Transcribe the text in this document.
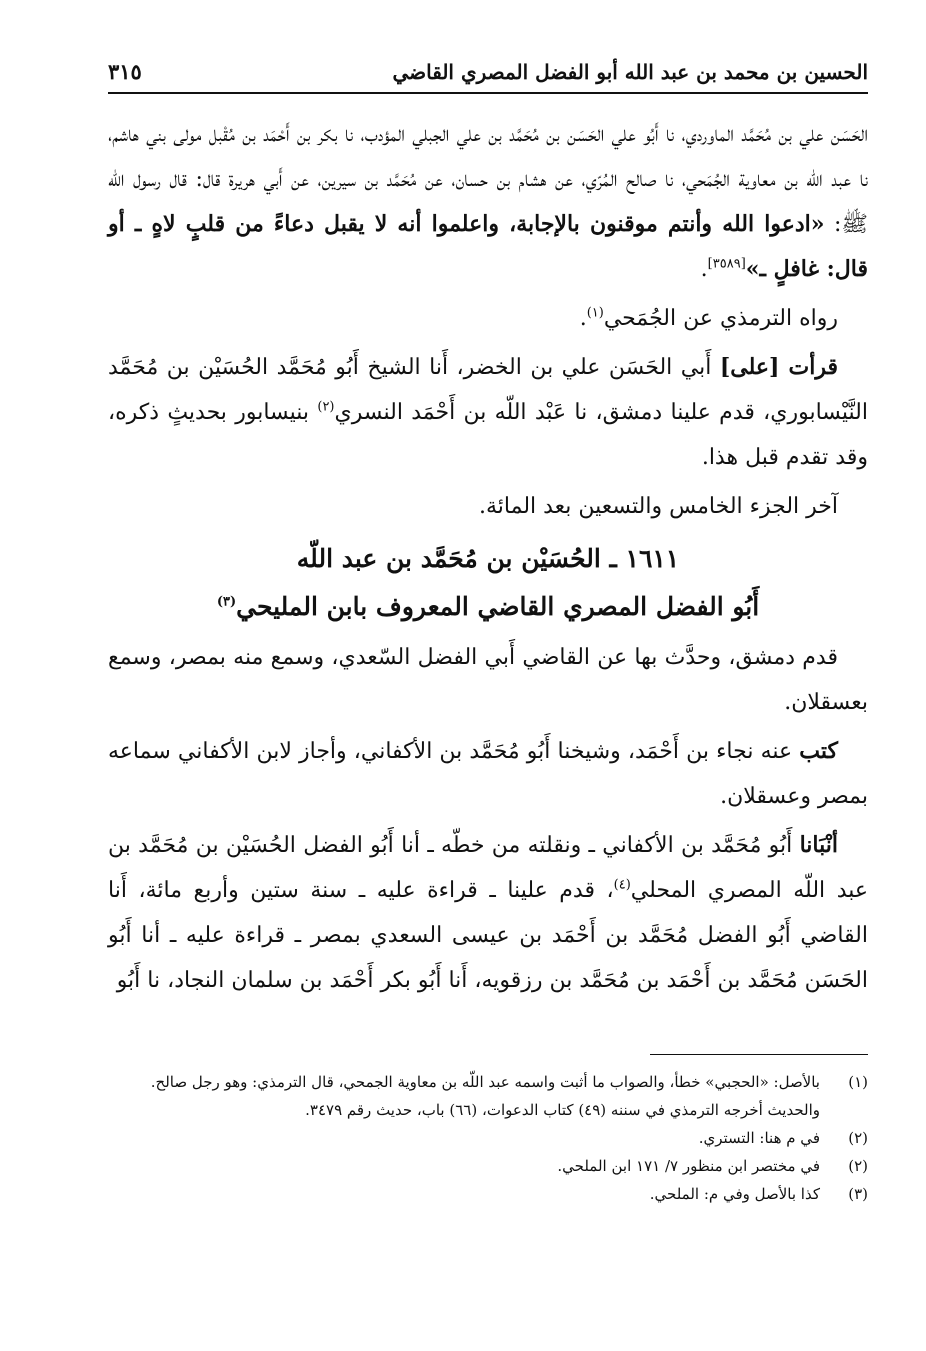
الحسين بن محمد بن عبد الله أبو الفضل المصري القاضي
٣١٥

الحَسَن علي بن مُحَمَّد الماوردي، نا أَبُو علي الحَسَن بن مُحَمَّد بن علي الجبلي المؤدب، نا بكر بن أَحْمَد بن مُقْبل مولى بني هاشم، نا عبد اللّه بن معاوية الجُمَحي، نا صالح المُرّي، عن هشام بن حسان، عن مُحَمَّد بن سيرين، عن أَبي هريرة قال: قال رسول الله ﷺ: «ادعوا الله وأنتم موقنون بالإجابة، واعلموا أنه لا يقبل دعاءً من قلبٍ لاهٍ ـ أو قال: غافلٍ ـ»[٣٥٨٩].

رواه الترمذي عن الجُمَحي$^{(١)}$.

قرأت [على] أَبي الحَسَن علي بن الخضر، أَنا الشيخ أَبُو مُحَمَّد الحُسَيْن بن مُحَمَّد النَّيْسابوري، قدم علينا دمشق، نا عَبْد اللّه بن أَحْمَد النسري$^{(٢)}$ بنيسابور بحديثٍ ذكره، وقد تقدم قبل هذا.

آخر الجزء الخامس والتسعين بعد المائة.

١٦١١ ـ الحُسَيْن بن مُحَمَّد بن عبد اللّه

أَبُو الفضل المصري القاضي المعروف بابن المليحي$^{(٣)}$

قدم دمشق، وحدَّث بها عن القاضي أَبي الفضل السّعدي، وسمع منه بمصر، وسمع بعسقلان.

كتب عنه نجاء بن أَحْمَد، وشيخنا أَبُو مُحَمَّد بن الأكفاني، وأجاز لابن الأكفاني سماعه بمصر وعسقلان.

أنْبَانا أَبُو مُحَمَّد بن الأكفاني ـ ونقلته من خطّه ـ أنا أَبُو الفضل الحُسَيْن بن مُحَمَّد بن عبد اللّه المصري المحلي$^{(٤)}$، قدم علينا ـ قراءة عليه ـ سنة ستين وأربع مائة، أَنا القاضي أَبُو الفضل مُحَمَّد بن أَحْمَد بن عيسى السعدي بمصر ـ قراءة عليه ـ أنا أَبُو الحَسَن مُحَمَّد بن أَحْمَد بن مُحَمَّد بن رزقويه، أَنا أَبُو بكر أَحْمَد بن سلمان النجاد، نا أَبُو

(١)
بالأصل: «الحجبي» خطأ، والصواب ما أثبت واسمه عبد اللّه بن معاوية الجمحي، قال الترمذي: وهو رجل صالح.
والحديث أخرجه الترمذي في سننه (٤٩) كتاب الدعوات، (٦٦) باب، حديث رقم ٣٤٧٩.
(٢)
في م هنا: التستري.
(٢)
في مختصر ابن منظور ٧/ ١٧١ ابن الملحي.
(٣)
كذا بالأصل وفي م: الملحي.
